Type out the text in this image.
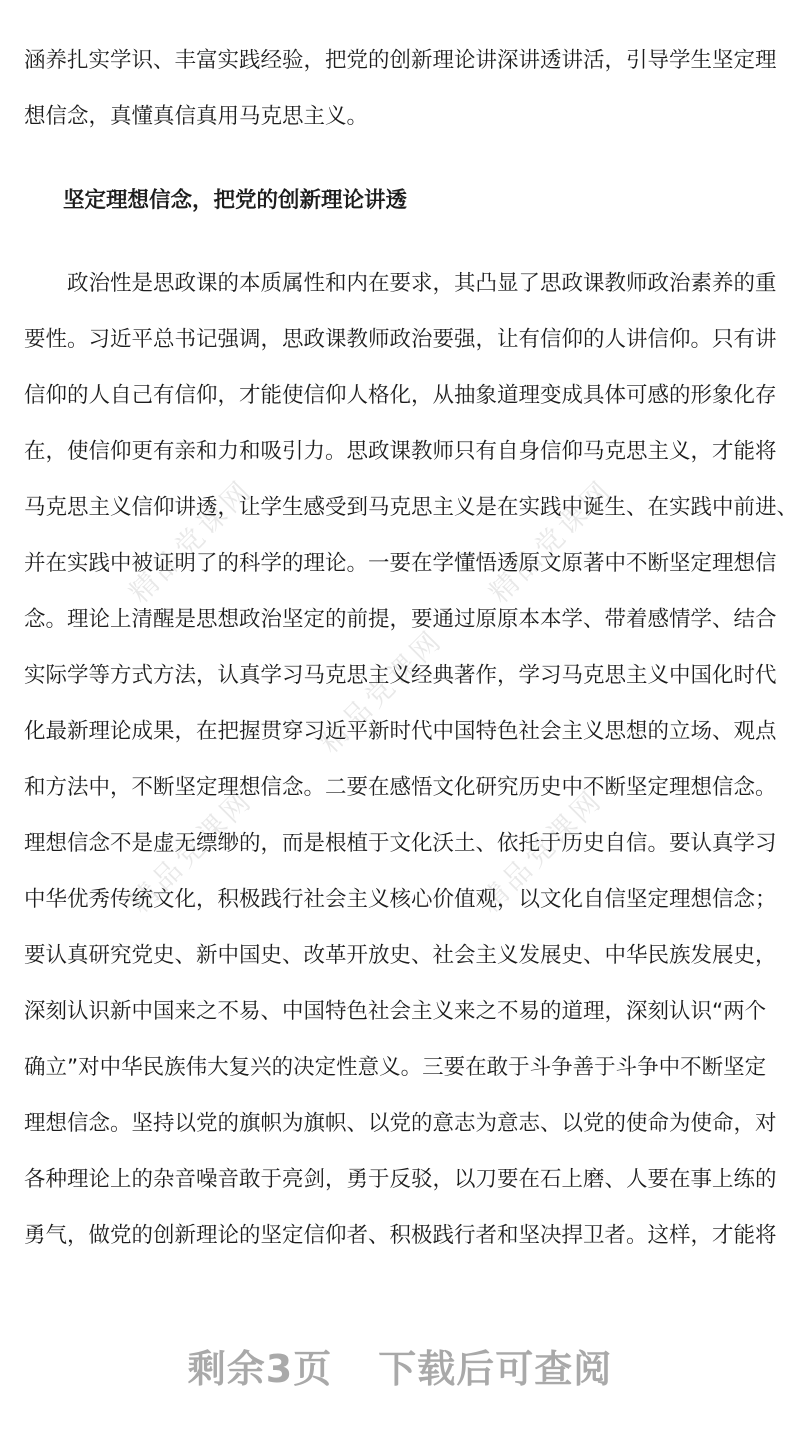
精品党课网	精品党课网
精品党课网
精品党课网	精品党课网
涵养扎实学识、丰富实践经验，把党的创新理论讲深讲透讲活，引导学生坚定理
想信念，真懂真信真用马克思主义。
坚定理想信念，把党的创新理论讲透
　　政治性是思政课的本质属性和内在要求，其凸显了思政课教师政治素养的重
要性。习近平总书记强调，思政课教师政治要强，让有信仰的人讲信仰。只有讲
信仰的人自己有信仰，才能使信仰人格化，从抽象道理变成具体可感的形象化存
在，使信仰更有亲和力和吸引力。思政课教师只有自身信仰马克思主义，才能将
马克思主义信仰讲透，让学生感受到马克思主义是在实践中诞生、在实践中前进、
并在实践中被证明了的科学的理论。一要在学懂悟透原文原著中不断坚定理想信
念。理论上清醒是思想政治坚定的前提，要通过原原本本学、带着感情学、结合
实际学等方式方法，认真学习马克思主义经典著作，学习马克思主义中国化时代
化最新理论成果，在把握贯穿习近平新时代中国特色社会主义思想的立场、观点
和方法中，不断坚定理想信念。二要在感悟文化研究历史中不断坚定理想信念。
理想信念不是虚无缥缈的，而是根植于文化沃土、依托于历史自信。要认真学习
中华优秀传统文化，积极践行社会主义核心价值观，以文化自信坚定理想信念；
要认真研究党史、新中国史、改革开放史、社会主义发展史、中华民族发展史，
深刻认识新中国来之不易、中国特色社会主义来之不易的道理，深刻认识“两个
确立”对中华民族伟大复兴的决定性意义。三要在敢于斗争善于斗争中不断坚定
理想信念。坚持以党的旗帜为旗帜、以党的意志为意志、以党的使命为使命，对
各种理论上的杂音噪音敢于亮剑，勇于反驳，以刀要在石上磨、人要在事上练的
勇气，做党的创新理论的坚定信仰者、积极践行者和坚决捍卫者。这样，才能将
剩余3页 下载后可查阅
